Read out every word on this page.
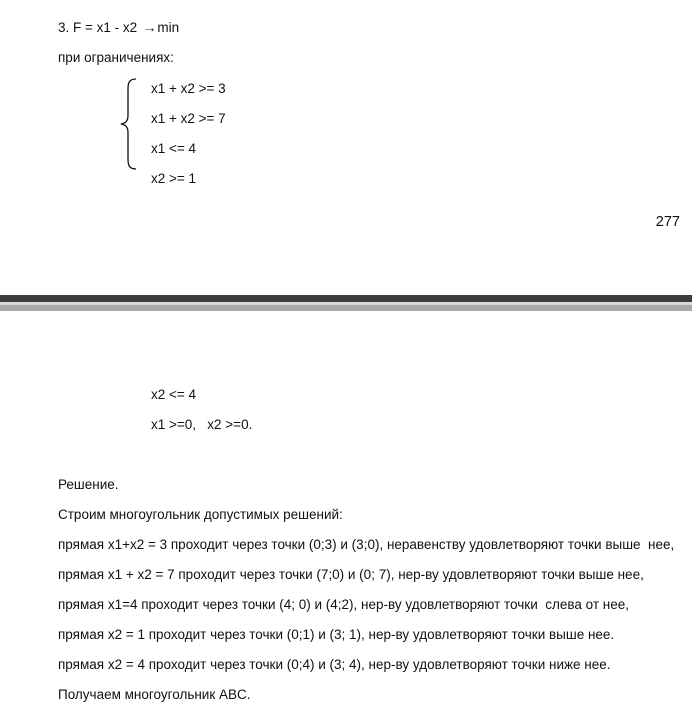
3. F = x1 - x2 →min
при ограничениях:
x1 + x2 >= 3
x1 + x2 >= 7
x1 <= 4
x2 >= 1
277
x2 <= 4
x1 >=0,   x2 >=0.
Решение.
Строим многоугольник допустимых решений:
прямая x1+x2 = 3 проходит через точки (0;3) и (3;0), неравенству удовлетворяют точки выше  нее,
прямая x1 + x2 = 7 проходит через точки (7;0) и (0; 7), нер-ву удовлетворяют точки выше нее,
прямая x1=4 проходит через точки (4; 0) и (4;2), нер-ву удовлетворяют точки  слева от нее,
прямая x2 = 1 проходит через точки (0;1) и (3; 1), нер-ву удовлетворяют точки выше нее.
прямая x2 = 4 проходит через точки (0;4) и (3; 4), нер-ву удовлетворяют точки ниже нее.
Получаем многоугольник ABC.
